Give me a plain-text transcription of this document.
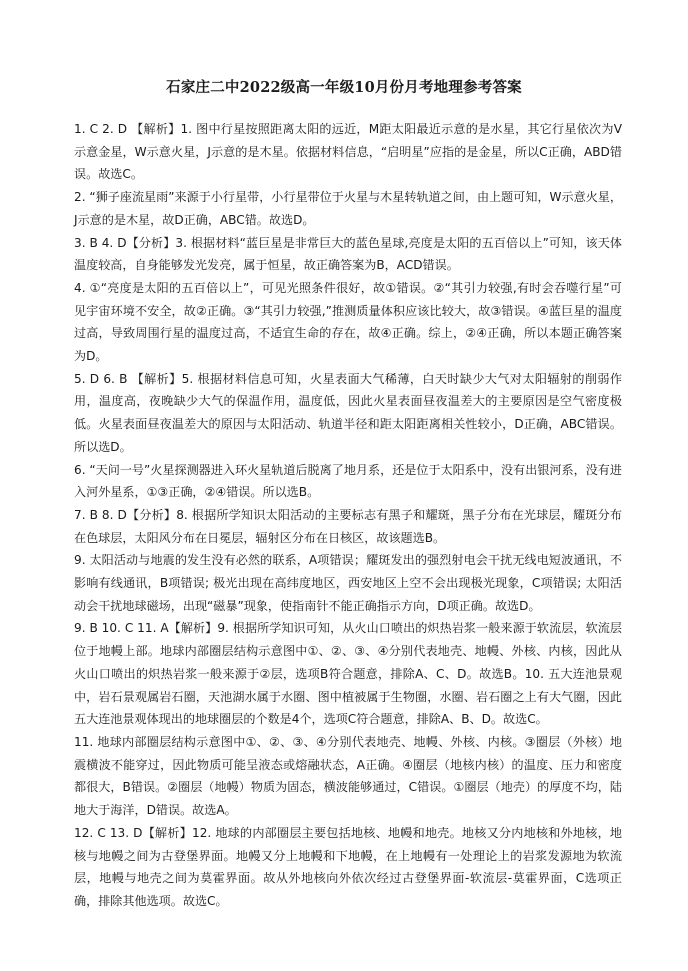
石家庄二中2022级高一年级10月份月考地理参考答案

1. C 2. D 【解析】1. 图中行星按照距离太阳的远近，M距太阳最近示意的是水星，其它行星依次为V示意金星，W示意火星，J示意的是木星。依据材料信息，“启明星”应指的是金星，所以C正确，ABD错误。故选C。

2. “狮子座流星雨”来源于小行星带，小行星带位于火星与木星转轨道之间，由上题可知，W示意火星，J示意的是木星，故D正确，ABC错。故选D。

3. B 4. D【分析】3. 根据材料“蓝巨星是非常巨大的蓝色星球,亮度是太阳的五百倍以上”可知，该天体温度较高，自身能够发光发亮，属于恒星，故正确答案为B，ACD错误。

4. ①“亮度是太阳的五百倍以上”，可见光照条件很好，故①错误。②“其引力较强,有时会吞噬行星”可见宇宙环境不安全，故②正确。③“其引力较强,”推测质量体积应该比较大，故③错误。④蓝巨星的温度过高，导致周围行星的温度过高，不适宜生命的存在，故④正确。综上，②④正确，所以本题正确答案为D。

5. D 6. B 【解析】5. 根据材料信息可知，火星表面大气稀薄，白天时缺少大气对太阳辐射的削弱作用，温度高，夜晚缺少大气的保温作用，温度低，因此火星表面昼夜温差大的主要原因是空气密度极低。火星表面昼夜温差大的原因与太阳活动、轨道半径和距太阳距离相关性较小，D正确，ABC错误。所以选D。

6. “天问一号”火星探测器进入环火星轨道后脱离了地月系，还是位于太阳系中，没有出银河系，没有进入河外星系，①③正确，②④错误。所以选B。

7. B 8. D【分析】8. 根据所学知识太阳活动的主要标志有黑子和耀斑，黑子分布在光球层，耀斑分布在色球层，太阳风分布在日冕层，辐射区分布在日核区，故该题选B。

9. 太阳活动与地震的发生没有必然的联系，A项错误；耀斑发出的强烈射电会干扰无线电短波通讯，不影响有线通讯，B项错误; 极光出现在高纬度地区，西安地区上空不会出现极光现象，C项错误; 太阳活动会干扰地球磁场，出现“磁暴”现象，使指南针不能正确指示方向，D项正确。故选D。

9. B 10. C 11. A【解析】9. 根据所学知识可知，从火山口喷出的炽热岩浆一般来源于软流层，软流层位于地幔上部。地球内部圈层结构示意图中①、②、③、④分别代表地壳、地幔、外核、内核，因此从火山口喷出的炽热岩浆一般来源于②层，选项B符合题意，排除A、C、D。故选B。10. 五大连池景观中，岩石景观属岩石圈，天池湖水属于水圈、图中植被属于生物圈，水圈、岩石圈之上有大气圈，因此五大连池景观体现出的地球圈层的个数是4个，选项C符合题意，排除A、B、D。故选C。

11. 地球内部圈层结构示意图中①、②、③、④分别代表地壳、地幔、外核、内核。③圈层（外核）地震横波不能穿过，因此物质可能呈液态或熔融状态，A正确。④圈层（地核内核）的温度、压力和密度都很大，B错误。②圈层（地幔）物质为固态，横波能够通过，C错误。①圈层（地壳）的厚度不均，陆地大于海洋，D错误。故选A。

12. C 13. D【解析】12. 地球的内部圈层主要包括地核、地幔和地壳。地核又分内地核和外地核，地核与地幔之间为古登堡界面。地幔又分上地幔和下地幔，在上地幔有一处理论上的岩浆发源地为软流层，地幔与地壳之间为莫霍界面。故从外地核向外依次经过古登堡界面-软流层-莫霍界面，C选项正确，排除其他选项。故选C。
